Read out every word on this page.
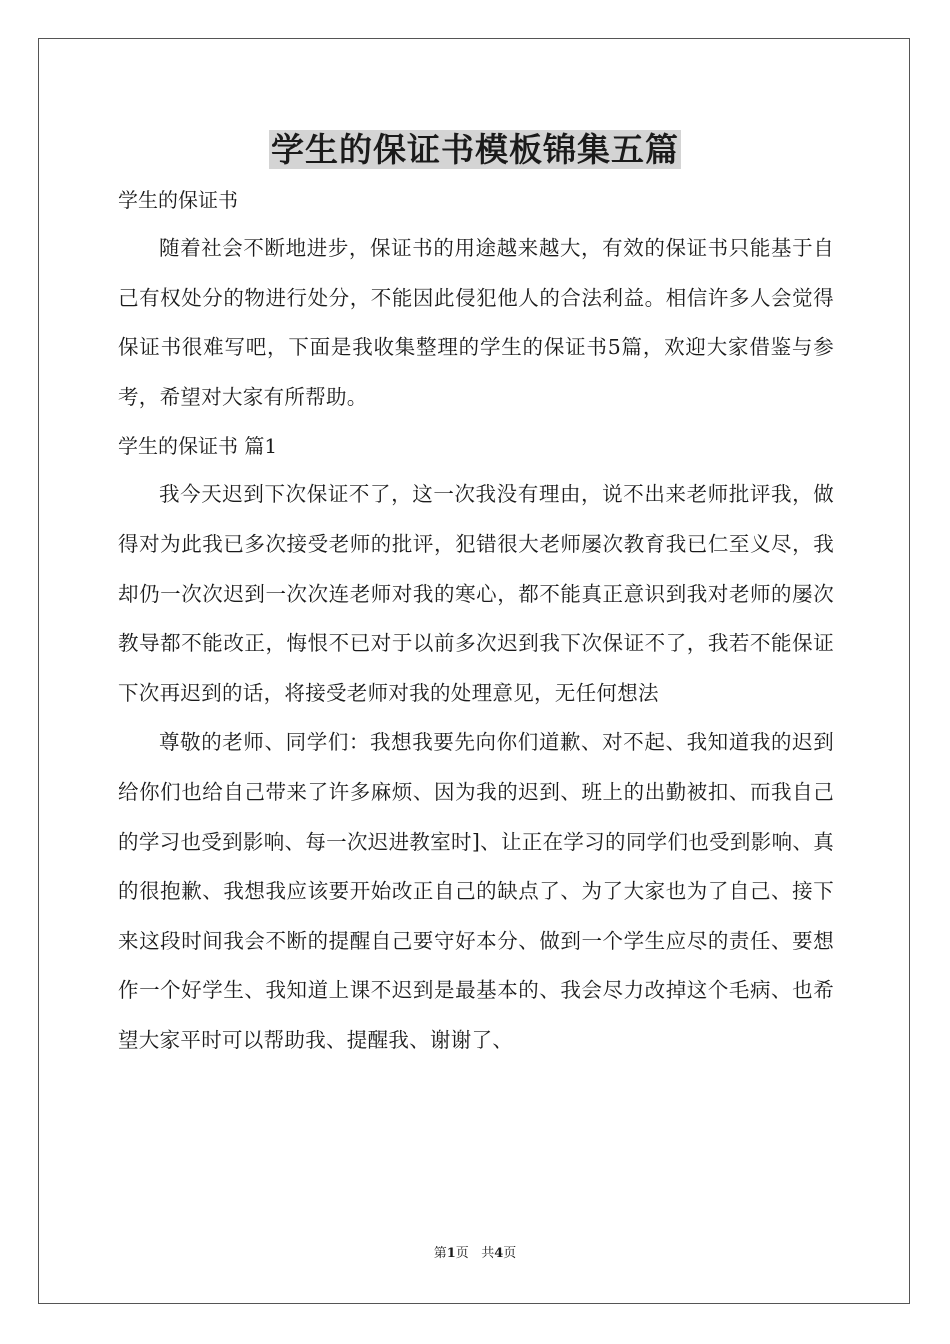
学生的保证书模板锦集五篇

学生的保证书

随着社会不断地进步，保证书的用途越来越大，有效的保证书只能基于自己有权处分的物进行处分，不能因此侵犯他人的合法利益。相信许多人会觉得保证书很难写吧，下面是我收集整理的学生的保证书5篇，欢迎大家借鉴与参考，希望对大家有所帮助。

学生的保证书 篇1

我今天迟到下次保证不了，这一次我没有理由，说不出来老师批评我，做得对为此我已多次接受老师的批评，犯错很大老师屡次教育我已仁至义尽，我却仍一次次迟到一次次连老师对我的寒心，都不能真正意识到我对老师的屡次教导都不能改正，悔恨不已对于以前多次迟到我下次保证不了，我若不能保证下次再迟到的话，将接受老师对我的处理意见，无任何想法

尊敬的老师、同学们：我想我要先向你们道歉、对不起、我知道我的迟到给你们也给自己带来了许多麻烦、因为我的迟到、班上的出勤被扣、而我自己的学习也受到影响、每一次迟进教室时]、让正在学习的同学们也受到影响、真的很抱歉、我想我应该要开始改正自己的缺点了、为了大家也为了自己、接下来这段时间我会不断的提醒自己要守好本分、做到一个学生应尽的责任、要想作一个好学生、我知道上课不迟到是最基本的、我会尽力改掉这个毛病、也希望大家平时可以帮助我、提醒我、谢谢了、

第1页 共4页
